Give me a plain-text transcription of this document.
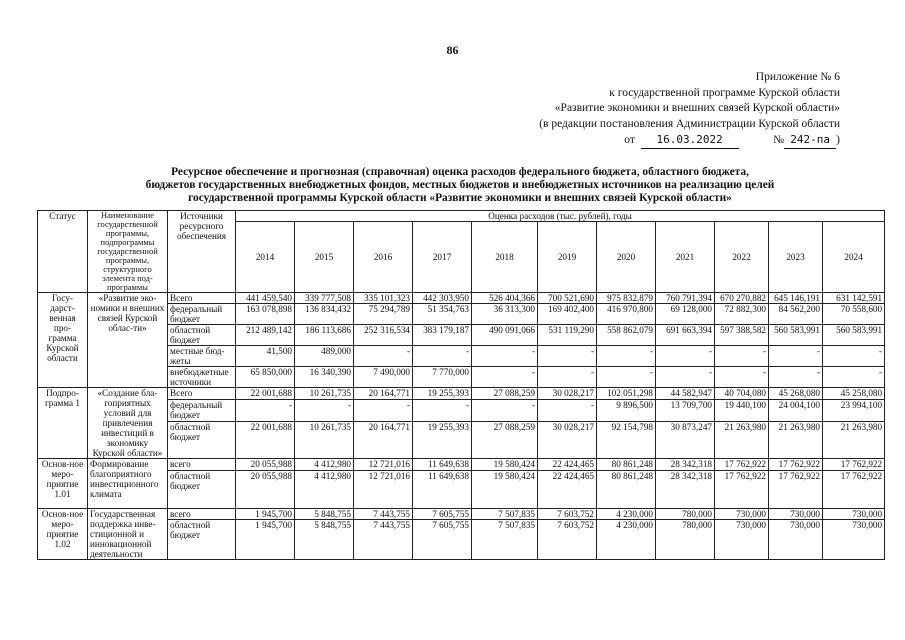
86
Приложение № 6
к государственной программе Курской области
«Развитие экономики и внешних связей Курской области»
(в редакции постановления Администрации Курской области
от 16.03.2022	№ 242-па )
Ресурсное обеспечение и прогнозная (справочная) оценка расходов федерального бюджета, областного бюджета,
бюджетов государственных внебюджетных фондов, местных бюджетов и внебюджетных источников на реализацию целей
государственной программы Курской области «Развитие экономики и внешних связей Курской области»
Статус	Наименование государственной программы, подпрограммы государственной программы, структурного элемента под-программы	Источники ресурсного обеспечения	Оценка расходов (тыс. рублей), годы										
			2014	2015	2016	2017	2018	2019	2020	2021	2022	2023	2024
Госу-дарст-венная про-грамма Курской области	«Развитие эко-номики и внешних связей Курской облас-ти»	Всего	441 459,540	339 777,508	335 101,323	442 303,950	526 404,366	700 521,690	975 832,879	760 791,394	670 270,882	645 146,191	631 142,591
		федеральный бюджет	163 078,898	136 834,432	75 294,789	51 354,763	36 313,300	169 402,400	416 970,800	69 128,000	72 882,300	84 562,200	70 558,600
		областной бюджет	212 489,142	186 113,686	252 316,534	383 179,187	490 091,066	531 119,290	558 862,079	691 663,394	597 388,582	560 583,991	560 583,991
		местные бюд-жеты	41,500	489,000	-	-	-	-	-	-	-	-	-
		внебюджетные источники	65 850,000	16 340,390	7 490,000	7 770,000	-	-	-	-	-	-	-
Подпро-грамма 1	«Создание бла-гоприятных условий для привлечения инвестиций в экономику Курской области»	Всего	22 001,688	10 261,735	20 164,771	19 255,393	27 088,259	30 028,217	102 051,298	44 582,947	40 704,080	45 268,080	45 258,080
		федеральный бюджет	-	-	-	-	-	-	9 896,500	13 709,700	19 440,100	24 004,100	23 994,100
		областной бюджет	22 001,688	10 261,735	20 164,771	19 255,393	27 088,259	30 028,217	92 154,798	30 873,247	21 263,980	21 263,980	21 263,980
Основ-ное меро-приятие 1.01	Формирование благоприятного инвестиционного климата	всего	20 055,988	4 412,980	12 721,016	11 649,638	19 580,424	22 424,465	80 861,248	28 342,318	17 762,922	17 762,922	17 762,922
		областной бюджет	20 055,988	4 412,980	12 721,016	11 649,638	19 580,424	22 424,465	80 861,248	28 342,318	17 762,922	17 762,922	17 762,922
Основ-ное меро-приятие 1.02	Государственная поддержка инве-стиционной и инновационной деятельности	всего	1 945,700	5 848,755	7 443,755	7 605,755	7 507,835	7 603,752	4 230,000	780,000	730,000	730,000	730,000
		областной бюджет	1 945,700	5 848,755	7 443,755	7 605,755	7 507,835	7 603,752	4 230,000	780,000	730,000	730,000	730,000
